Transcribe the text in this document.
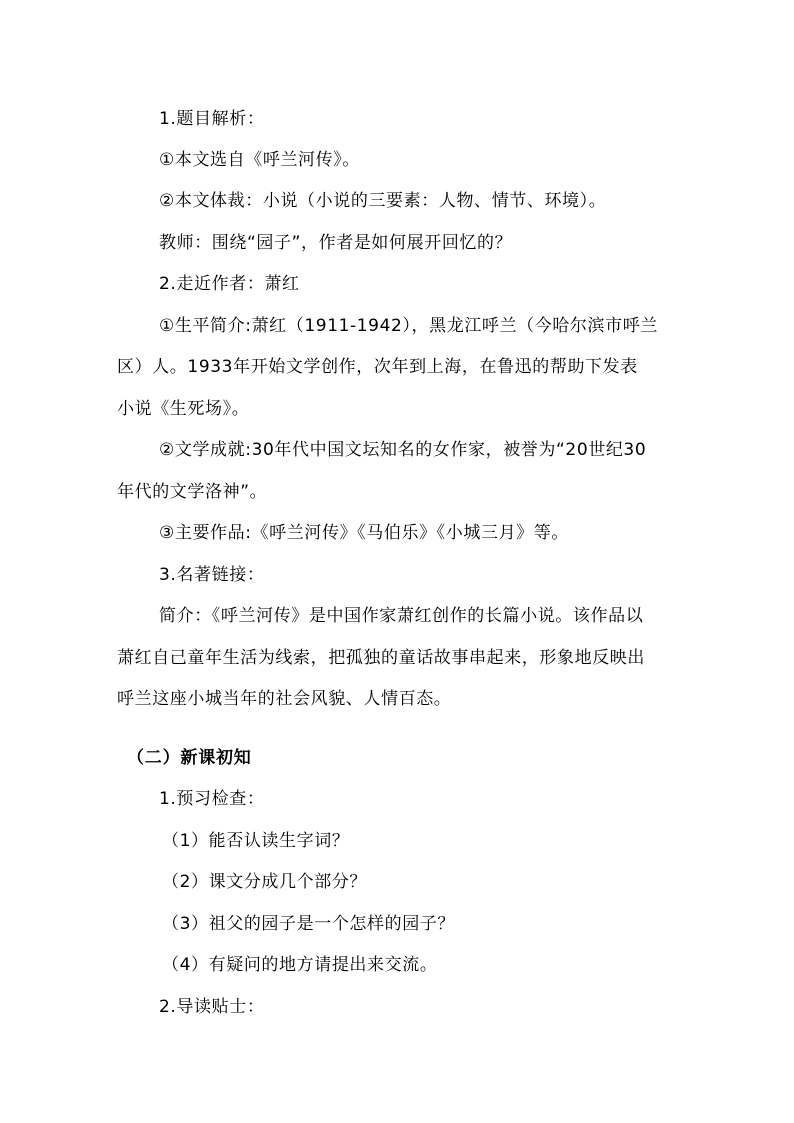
1.题目解析：
①本文选自《呼兰河传》。
②本文体裁：小说（小说的三要素：人物、情节、环境）。
教师：围绕“园子”，作者是如何展开回忆的？
2.走近作者：萧红
①生平简介:萧红（1911-1942），黑龙江呼兰（今哈尔滨市呼兰
区）人。1933年开始文学创作，次年到上海，在鲁迅的帮助下发表
小说《生死场》。
②文学成就:30年代中国文坛知名的女作家，被誉为“20世纪30
年代的文学洛神”。
③主要作品:《呼兰河传》《马伯乐》《小城三月》等。
3.名著链接：
简介：《呼兰河传》是中国作家萧红创作的长篇小说。该作品以
萧红自己童年生活为线索，把孤独的童话故事串起来，形象地反映出
呼兰这座小城当年的社会风貌、人情百态。
（二）新课初知
1.预习检查：
（1）能否认读生字词？
（2）课文分成几个部分？
（3）祖父的园子是一个怎样的园子？
（4）有疑问的地方请提出来交流。
2.导读贴士：
